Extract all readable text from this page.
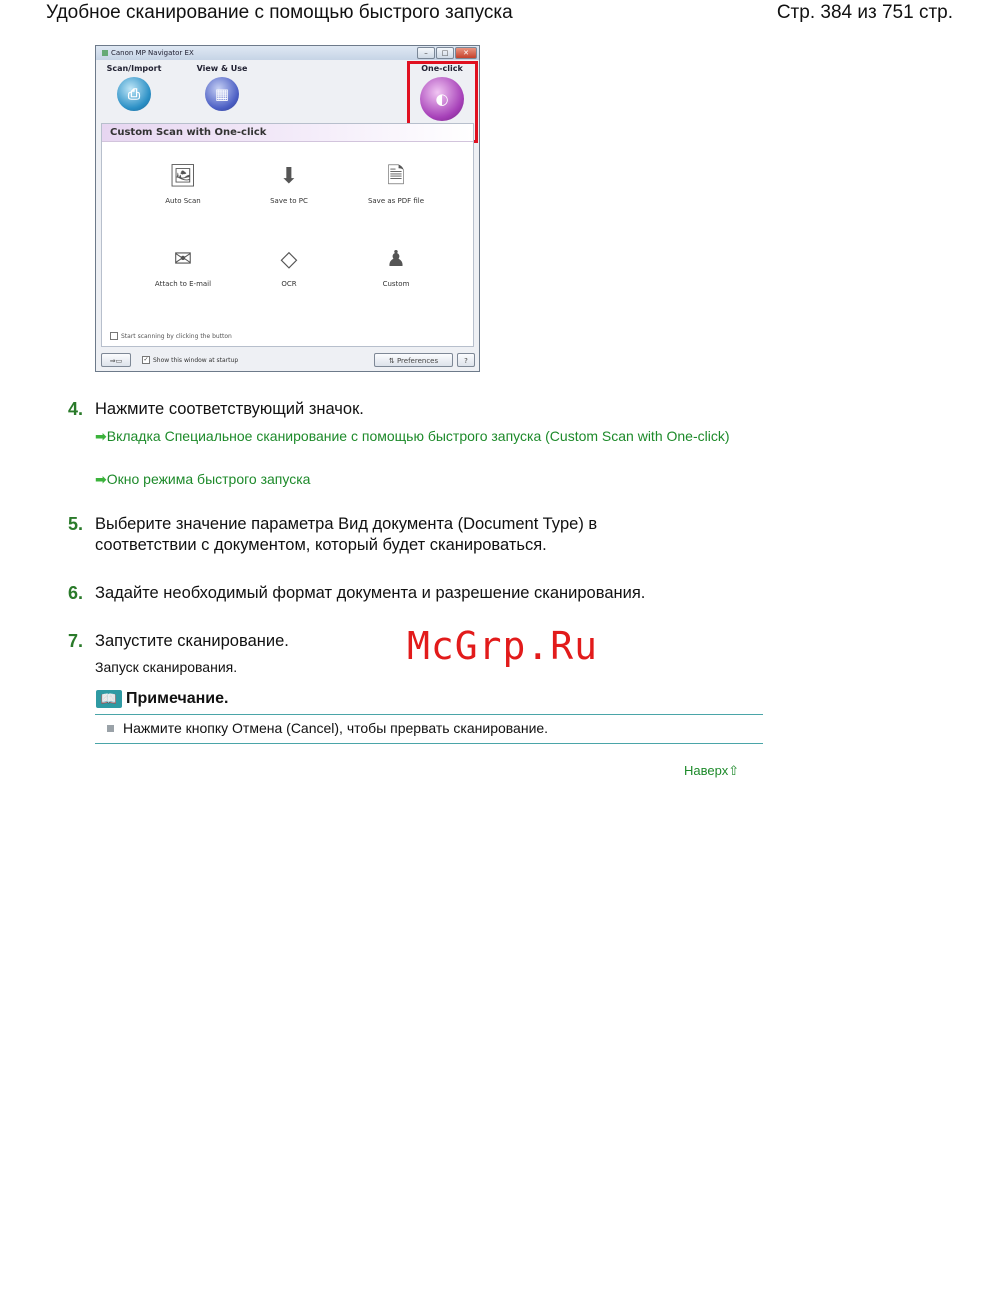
Удобное сканирование с помощью быстрого запуска	Стр. 384 из 751 стр.
Canon MP Navigator EX	–	□	✕
Scan/Import
⎙
View & Use
▦
One-click
◐
Custom Scan with One-click
🖼
Auto Scan
⬇
Save to PC
🗎
Save as PDF file
✉
Attach to E-mail
◇
OCR
♟
Custom
Start scanning by clicking the button
⇒▭	✓ Show this window at startup	⇅ Preferences	?
4. Нажмите соответствующий значок.
➡Вкладка Специальное сканирование с помощью быстрого запуска (Custom Scan with One-click)
➡Окно режима быстрого запуска
5. Выберите значение параметра Вид документа (Document Type) в соответствии с документом, который будет сканироваться.
6. Задайте необходимый формат документа и разрешение сканирования.
7. Запустите сканирование.
Запуск сканирования.	McGrp.Ru
📖 Примечание.
Нажмите кнопку Отмена (Cancel), чтобы прервать сканирование.
Наверх⇧
